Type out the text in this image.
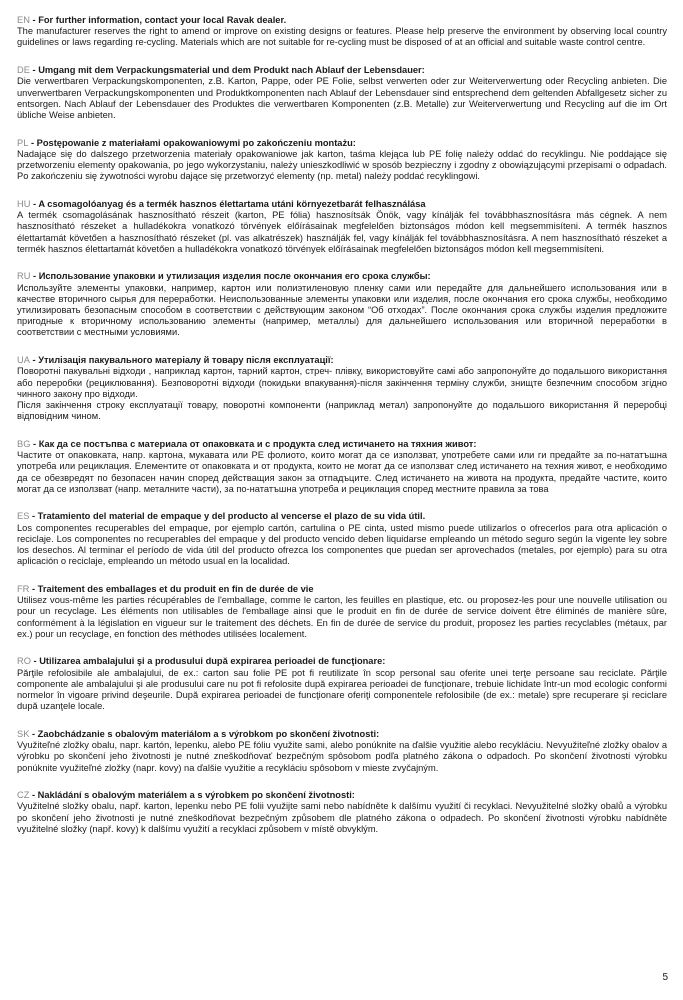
EN - For further information, contact your local Ravak dealer.

The manufacturer reserves the right to amend or improve on existing designs or features. Please help preserve the environment by observing local country guidelines or laws regarding re-cycling. Materials which are not suitable for re-cycling must be disposed of at an official and suitable waste control centre.

DE - Umgang mit dem Verpackungsmaterial und dem Produkt nach Ablauf der Lebensdauer:

Die verwertbaren Verpackungskomponenten, z.B. Karton, Pappe, oder PE Folie, selbst verwerten oder zur Weiterverwertung oder Recycling anbieten. Die unverwertbaren Verpackungskomponenten und Produktkomponenten nach Ablauf der Lebensdauer sind entsprechend dem geltenden Abfallgesetz sicher zu entsorgen. Nach Ablauf der Lebensdauer des Produktes die verwertbaren Komponenten (z.B. Metalle) zur Weiterverwertung und Recycling auf die im Ort übliche Weise anbieten.

PL - Postępowanie z materiałami opakowaniowymi po zakończeniu montażu:

Nadające się do dalszego przetworzenia materiały opakowaniowe jak karton, taśma klejąca lub PE folię należy oddać do recyklingu. Nie poddające się przetworzeniu elementy opakowania, po jego wykorzystaniu, należy unieszkodliwić w sposób bezpieczny i zgodny z obowiązującymi przepisami o odpadach. Po zakończeniu się żywotności wyrobu dające się przetworzyć elementy (np. metal) należy poddać recyklingowi.

HU - A csomagolóanyag és a termék hasznos élettartama utáni környezetbarát felhasználása

A termék csomagolásának hasznosítható részeit (karton, PE fólia) hasznosítsák Önök, vagy kínálják fel továbbhasznosításra más cégnek. A nem hasznosítható részeket a hulladékokra vonatkozó törvények előírásainak megfelelően biztonságos módon kell megsemmisíteni. A termék hasznos élettartamát követően a hasznosítható részeket (pl. vas alkatrészek) használják fel, vagy kínálják fel továbbhasznosításra. A nem hasznosítható részeket a termék hasznos élettartamát követően a hulladékokra vonatkozó törvények előírásainak megfelelően biztonságos módon kell megsemmisíteni.

RU - Использование упаковки и утилизация изделия после окончания его срока службы:

Используйте элементы упаковки, например, картон или полиэтиленовую пленку сами или передайте для дальнейшего использования или в качестве вторичного сырья для переработки. Неиспользованные элементы упаковки или изделия, после окончания его срока службы, необходимо утилизировать безопасным способом в соответствии с действующим законом “Об отходах”. После окончания срока службы изделия предложите пригодные к вторичному использованию элементы (например, металлы) для дальнейшего использования или вторичной переработки в соответствии с местными условиями.

UA - Утилізація пакувального матеріалу й товару після експлуатації:

Поворотні пакувальні відходи , наприклад картон, тарний картон, стреч- плівку, використовуйте самі або запропонуйте до подальшого використання або переробки (рециклювання). Безповоротні відходи (покидьки впакування)-після закінчення терміну служби, знищте безпечним способом згідно чинного закону про відходи.

Після закінчення строку експлуатації товару, поворотні компоненти (наприклад метал) запропонуйте до подальшого використання й переробці відповідним чином.

BG - Как да се постъпва с материала от опаковката и с продукта след истичането на тяхния живот:

Частите от опаковката, напр. картона, мукавата или PE фолиото, които могат да се използват, употребете сами или ги предайте за по-нататъшна употреба или рециклация. Елементите от опаковката и от продукта, които не могат да се използват след истичането на техния живот, е необходимо да се обезвредят по безопасен начин според действащия закон за отпадъците. След истичането на живота на продукта, предайте частите, които могат да се използват (напр. металните части), за по-нататъшна употреба и рециклация според местните правила за това

ES - Tratamiento del material de empaque y del producto al vencerse el plazo de su vida útil.

Los componentes recuperables del empaque, por ejemplo cartón, cartulina o PE cinta, usted mismo puede utilizarlos o ofrecerlos para otra aplicación o reciclaje. Los componentes no recuperables del empaque y del producto vencido deben liquidarse empleando un método seguro según la vigente ley sobre los desechos. Al terminar el período de vida útil del producto ofrezca los componentes que puedan ser aprovechados (metales, por ejemplo) para su otra aplicación o reciclaje, empleando un método usual en la localidad.

FR - Traitement des emballages et du produit en fin de durée de vie

Utilisez vous-même les parties récupérables de l'emballage, comme le carton, les feuilles en plastique, etc. ou proposez-les pour une nouvelle utilisation ou pour un recyclage. Les éléments non utilisables de l'emballage ainsi que le produit en fin de durée de service doivent être éliminés de manière sûre, conformément à la législation en vigueur sur le traitement des déchets. En fin de durée de service du produit, proposez les parties recyclables (métaux, par ex.) pour un recyclage, en fonction des méthodes utilisées localement.

RO - Utilizarea ambalajului şi a produsului după expirarea perioadei de funcţionare:

Părţile refolosibile ale ambalajului, de ex.: carton sau folie PE pot fi reutilizate în scop personal sau oferite unei terţe persoane sau reciclate. Părţile componente ale ambalajului şi ale produsului care nu pot fi refolosite după expirarea perioadei de funcţionare, trebuie lichidate într-un mod ecologic conformi normelor în vigoare privind deşeurile. După expirarea perioadei de funcţionare oferiţi componentele refolosibile (de ex.: metale) spre recuperare şi reciclare după uzanţele locale.

SK - Zaobchádzanie s obalovým materiálom a s výrobkom po skončení životnosti:

Využiteľné zložky obalu, napr. kartón, lepenku, alebo PE fóliu využite sami, alebo ponúknite na ďalšie využitie alebo recykláciu. Nevyužiteľné zložky obalov a výrobku po skončení jeho životnosti je nutné zneškodňovať bezpečným spôsobom podľa platného zákona o odpadoch. Po skončení životnosti výrobku ponúknite využiteľné zložky (napr. kovy) na ďalšie využitie a recykláciu spôsobom v mieste zvyčajným.

CZ - Nakládání s obalovým materiálem a s výrobkem po skončení životnosti:

Využitelné složky obalu, např. karton, lepenku nebo PE folii využijte sami nebo nabídněte k dalšímu využití či recyklaci. Nevyužitelné složky obalů a výrobku po skončení jeho životnosti je nutné zneškodňovat bezpečným způsobem dle platného zákona o odpadech. Po skončení životnosti výrobku nabídněte využitelné složky (např. kovy) k dalšímu využití a recyklaci způsobem v místě obvyklým.

5
